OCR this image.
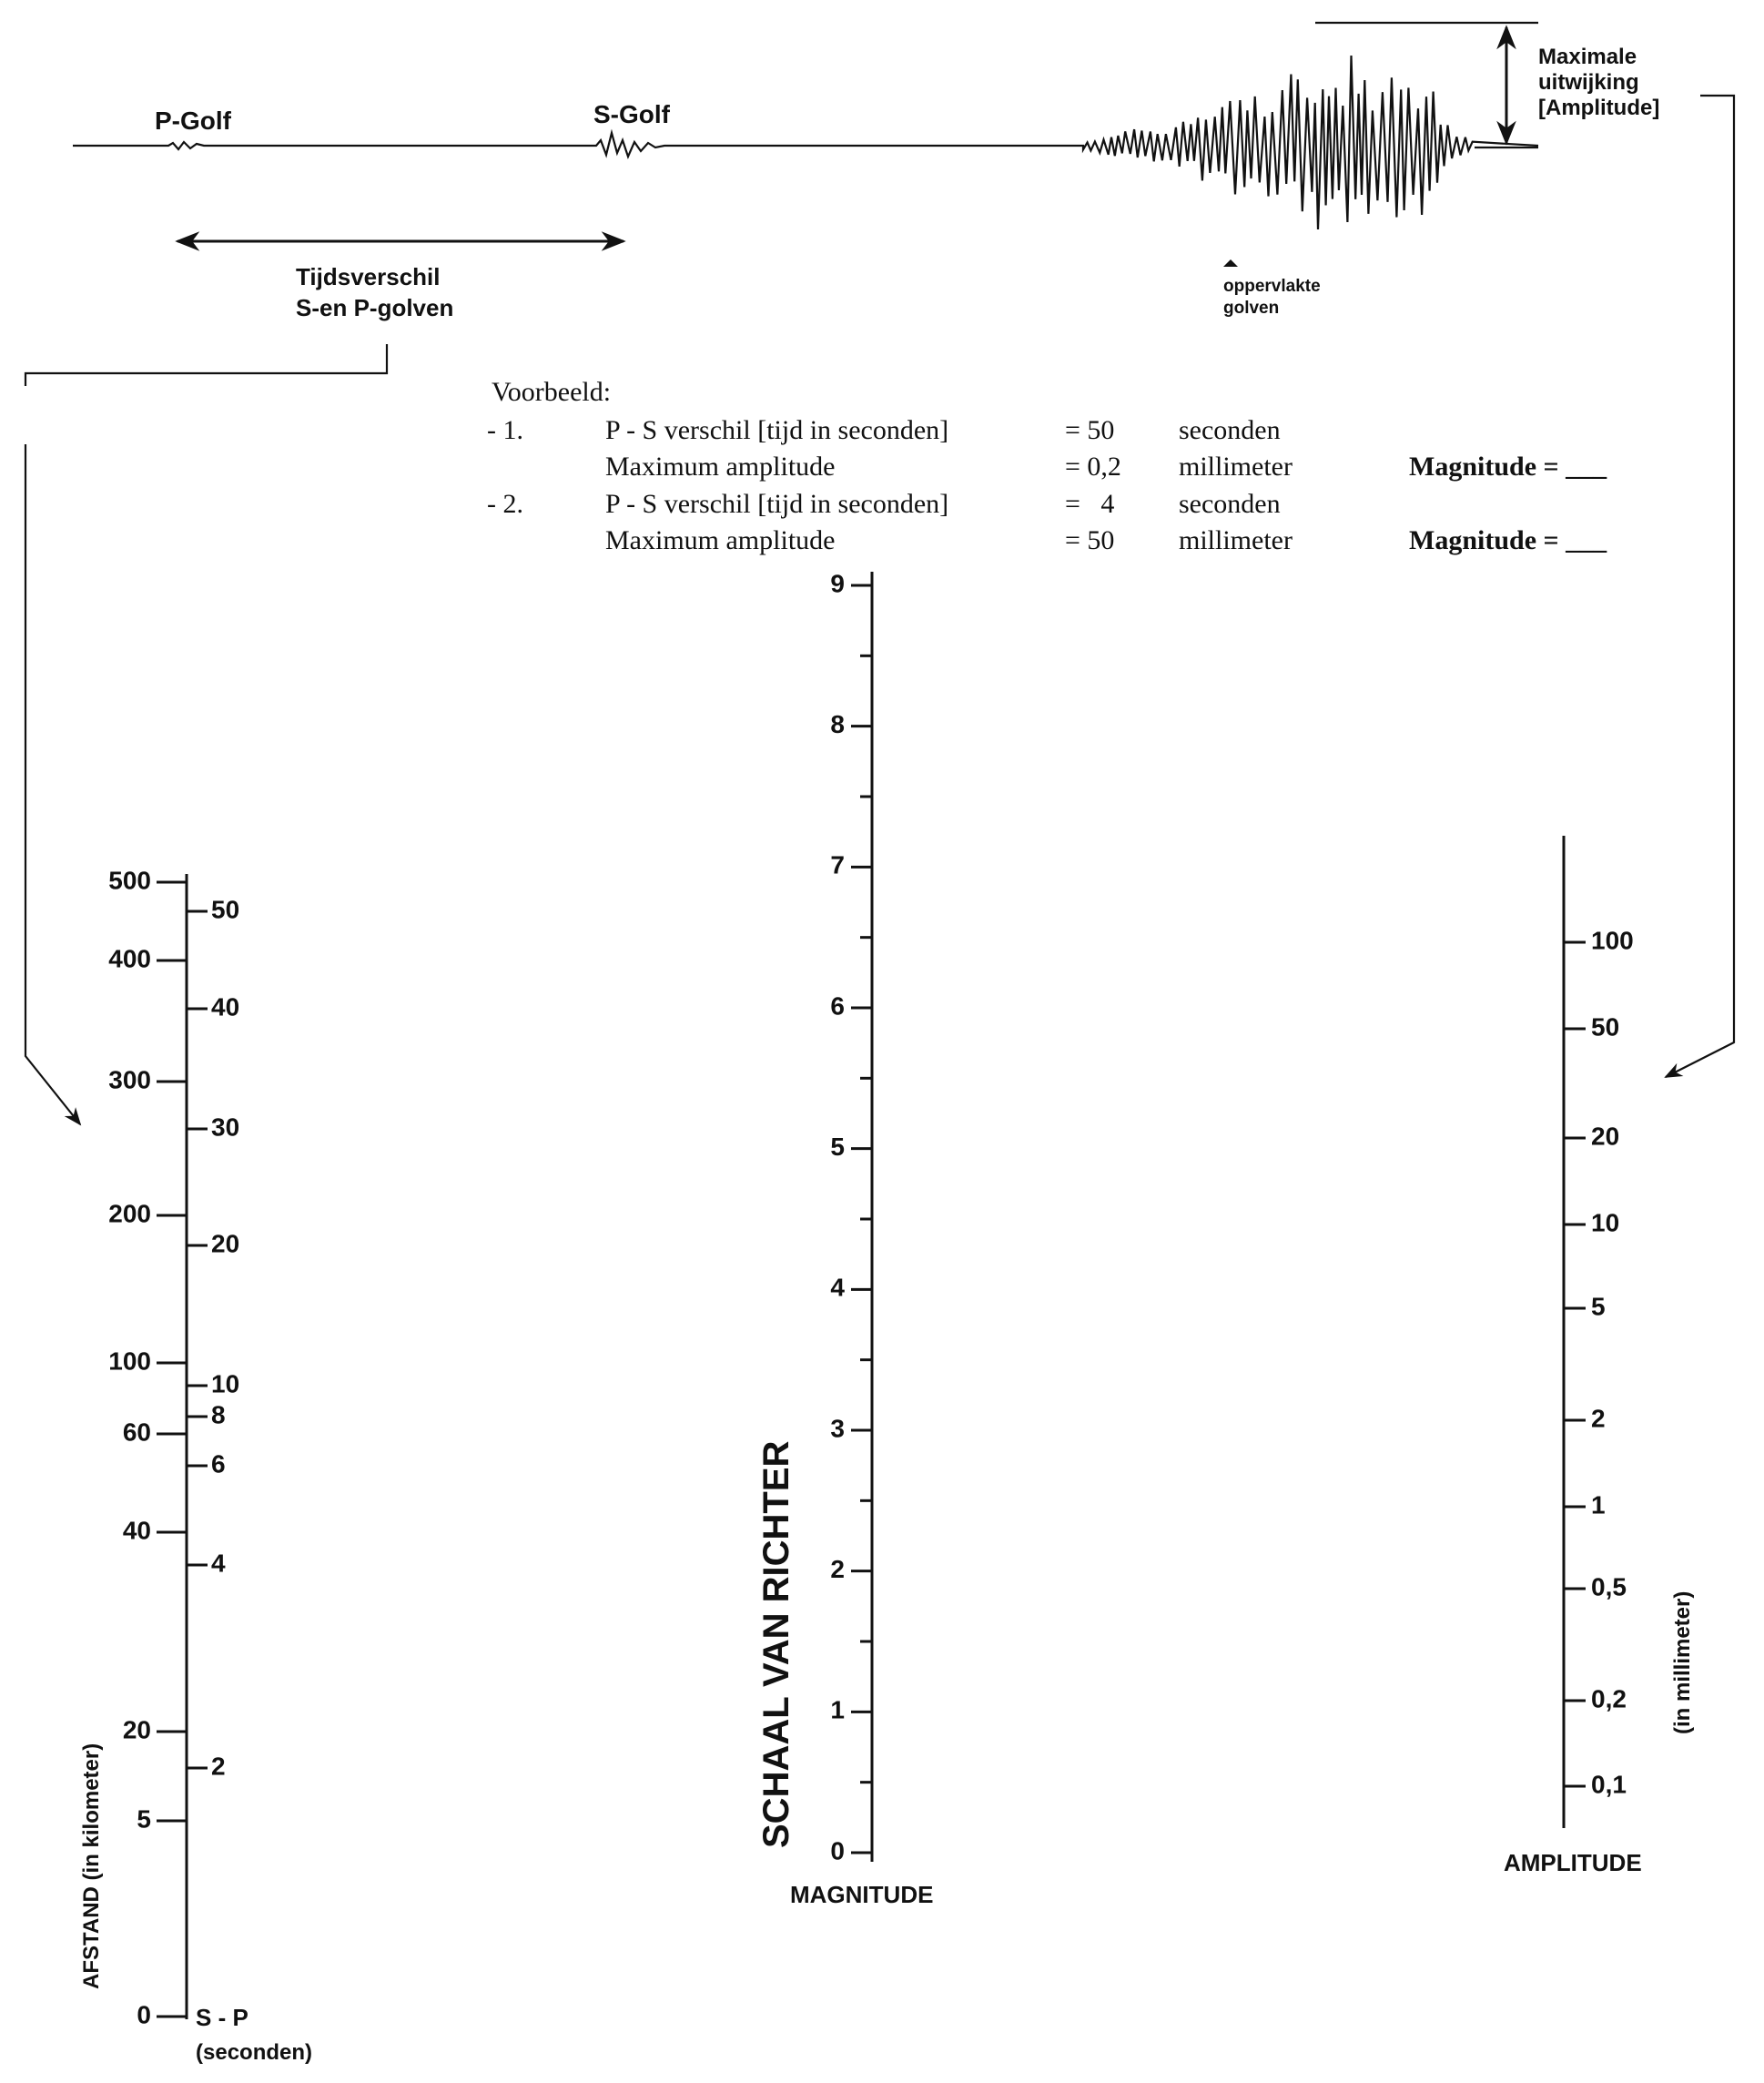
P-Golf	S-Golf
Tijdsverschil
S-en P-golven
Maximale
uitwijking
[Amplitude]
oppervlakte
golven
Voorbeeld:
- 1.	P - S verschil [tijd in seconden]	= 50 seconden
Maximum amplitude	= 0,2 millimeter	Magnitude = ___
- 2.	P - S verschil [tijd in seconden]	=   4 seconden
Maximum amplitude	= 50 millimeter	Magnitude = ___
500
400
300
200
100
60
40
20
5
0
50
40
30
20
10
8
6
4
2
AFSTAND (in kilometer)
S - P
(seconden)
0
1
2
3
4
5
6
7
8
9
SCHAAL VAN RICHTER
MAGNITUDE
100
50
20
10
5
2
1
0,5
0,2
0,1
(in millimeter)
AMPLITUDE
